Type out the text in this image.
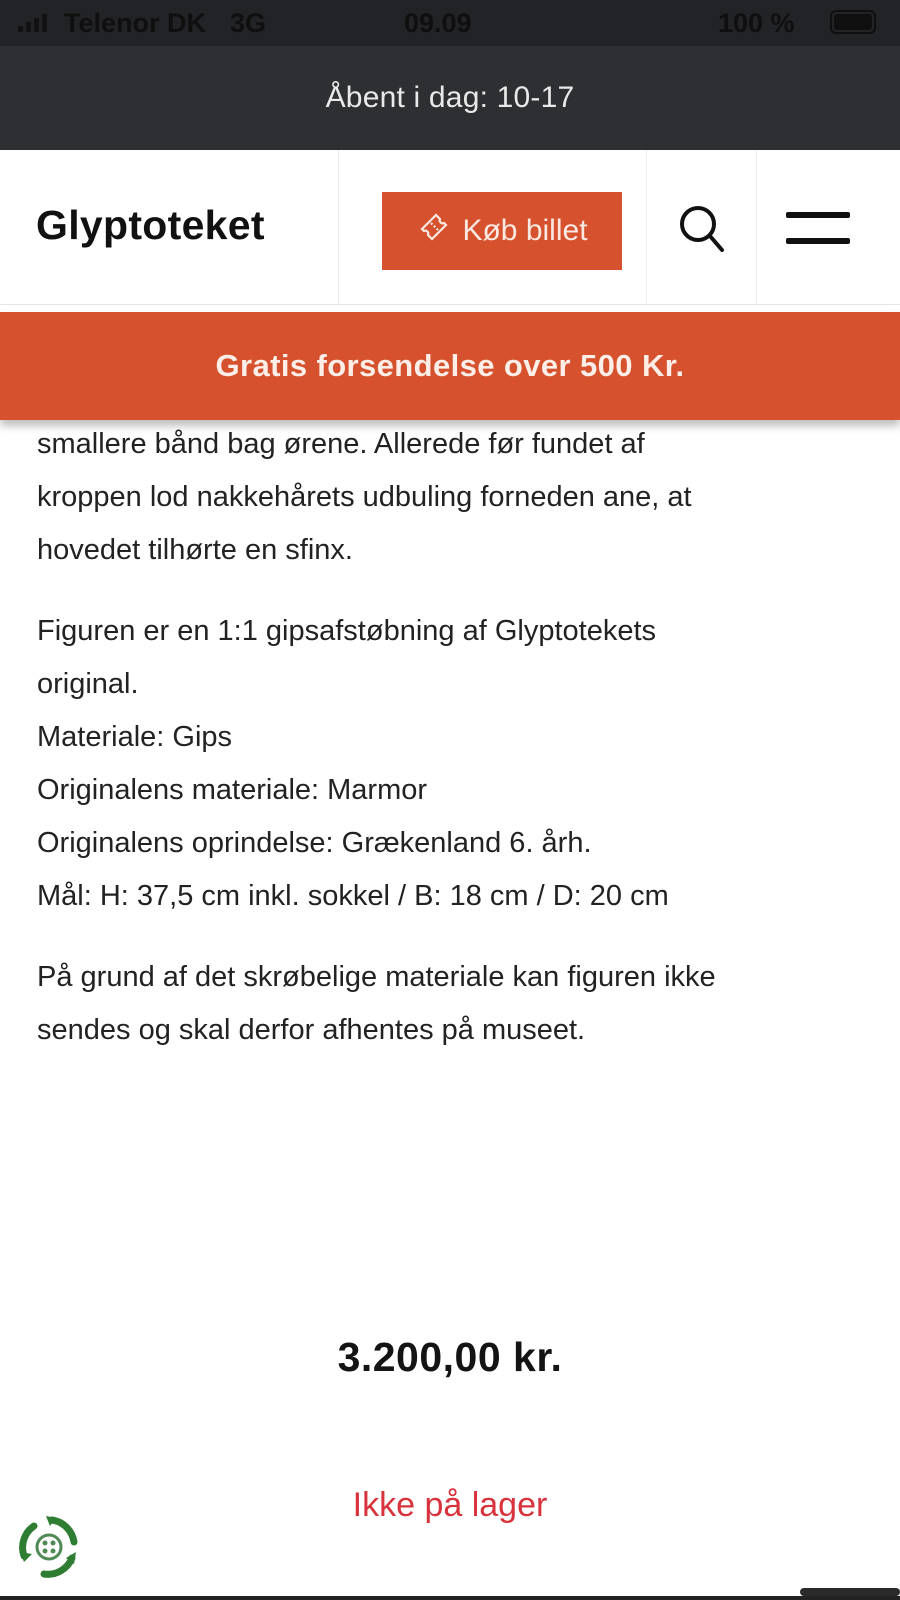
Telenor DK 3G	09.09	100 %
Åbent i dag: 10-17
Glyptoteket	Køb billet
Gratis forsendelse over 500 Kr.

smallere bånd bag ørene. Allerede før fundet af

kroppen lod nakkehårets udbuling forneden ane, at

hovedet tilhørte en sfinx.

Figuren er en 1:1 gipsafstøbning af Glyptotekets

original.

Materiale: Gips

Originalens materiale: Marmor

Originalens oprindelse: Grækenland 6. årh.

Mål: H: 37,5 cm inkl. sokkel / B: 18 cm / D: 20 cm

På grund af det skrøbelige materiale kan figuren ikke

sendes og skal derfor afhentes på museet.

3.200,00 kr.
Ikke på lager
